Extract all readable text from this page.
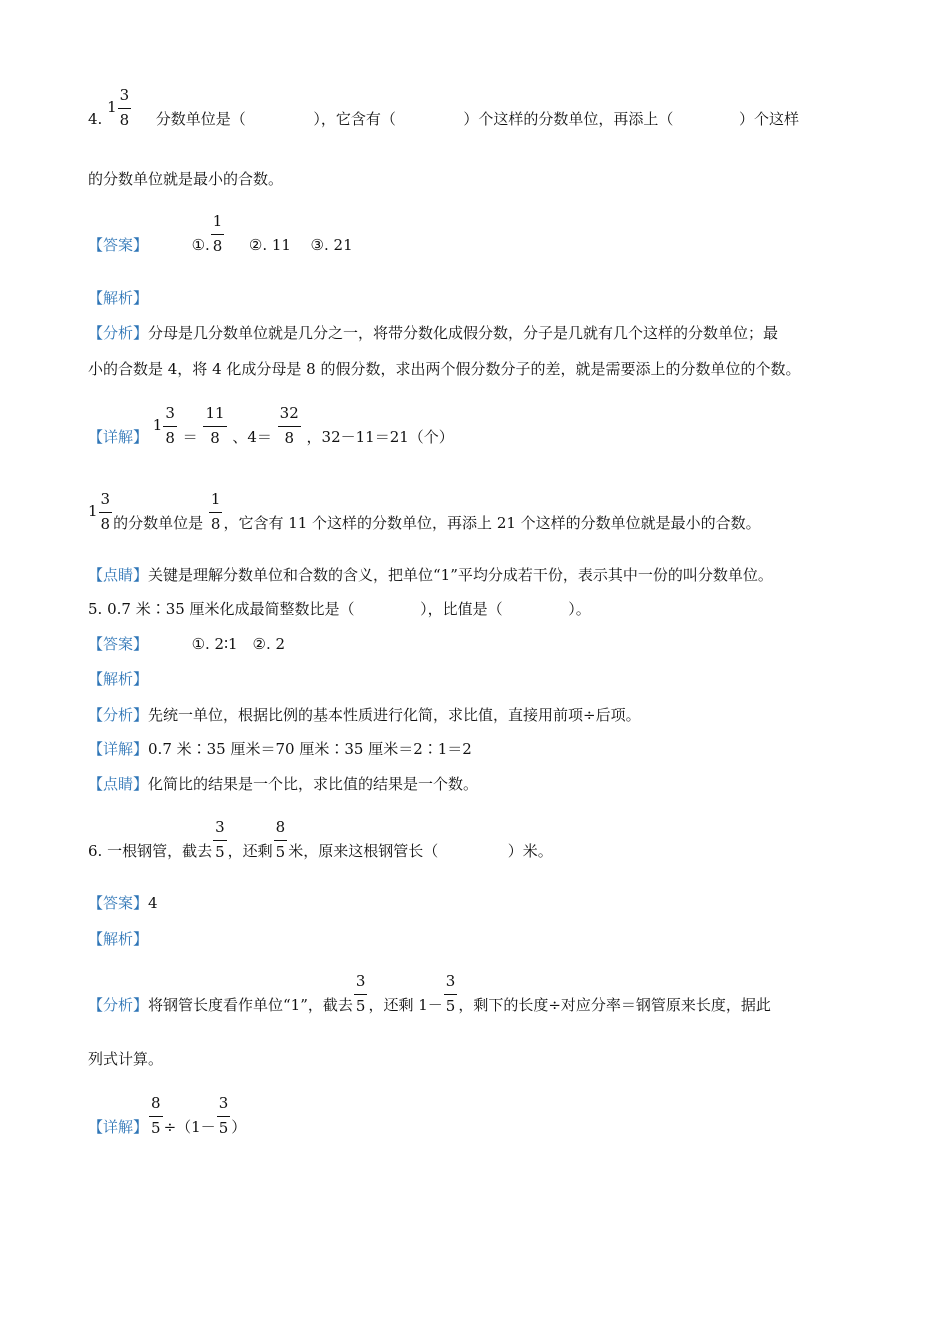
4. $1 \frac{3}{8}$ 分数单位是（	），它含有（	）个这样的分数单位，再添上（	）个这样
的分数单位就是最小的合数。
【答案】	①. $\frac{1}{8}$ ②. 11 ③. 21
【解析】
【分析】分母是几分数单位就是几分之一，将带分数化成假分数，分子是几就有几个这样的分数单位；最
小的合数是 4，将 4 化成分母是 8 的假分数，求出两个假分数分子的差，就是需要添上的分数单位的个数。
【详解】 $1 \frac{3}{8} = \frac{11}{8}$ 、$4= \frac{32}{8}$ ，32－11＝21（个）
$1 \frac{3}{8}$ 的分数单位是 $\frac{1}{8}$ ，它含有 11 个这样的分数单位，再添上 21 个这样的分数单位就是最小的合数。
【点睛】关键是理解分数单位和合数的含义，把单位“1”平均分成若干份，表示其中一份的叫分数单位。
5. 0.7 米∶35 厘米化成最简整数比是（	），比值是（	）。
【答案】	①. 2∶1　②. 2
【解析】
【分析】先统一单位，根据比例的基本性质进行化简，求比值，直接用前项÷后项。
【详解】0.7 米∶35 厘米＝70 厘米∶35 厘米＝2∶1＝2
【点睛】化简比的结果是一个比，求比值的结果是一个数。
6. 一根钢管，截去 $\frac{3}{5}$ ，还剩 $\frac{8}{5}$ 米，原来这根钢管长（	）米。
【答案】4
【解析】
【分析】将钢管长度看作单位“1”，截去 $\frac{3}{5}$ ，还剩 $1- \frac{3}{5}$ ，剩下的长度÷对应分率＝钢管原来长度，据此
列式计算。
【详解】 $\frac{8}{5} \div(1- \frac{3}{5}$ ）
